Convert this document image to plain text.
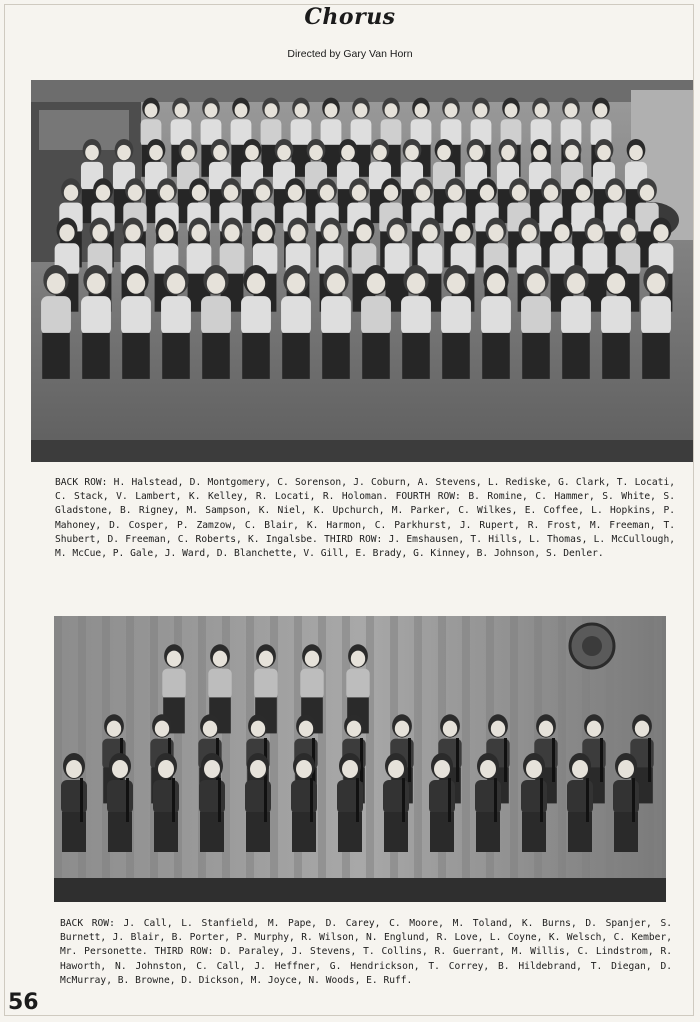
Chorus
Directed by Gary Van Horn
BACK ROW: H. Halstead, D. Montgomery, C. Sorenson, J. Coburn, A. Stevens, L. Rediske, G. Clark, T. Locati, C. Stack, V. Lambert, K. Kelley, R. Locati, R. Holoman. FOURTH ROW: B. Romine, C. Hammer, S. White, S. Gladstone, B. Rigney, M. Sampson, K. Niel, K. Upchurch, M. Parker, C. Wilkes, E. Coffee, L. Hopkins, P. Mahoney, D. Cosper, P. Zamzow, C. Blair, K. Harmon, C. Parkhurst, J. Rupert, R. Frost, M. Freeman, T. Shubert, D. Freeman, C. Roberts, K. Ingalsbe. THIRD ROW: J. Emshausen, T. Hills, L. Thomas, L. McCullough, M. McCue, P. Gale, J. Ward, D. Blanchette, V. Gill, E. Brady, G. Kinney, B. Johnson, S. Denler.
BACK ROW: J. Call, L. Stanfield, M. Pape, D. Carey, C. Moore, M. Toland, K. Burns, D. Spanjer, S. Burnett, J. Blair, B. Porter, P. Murphy, R. Wilson, N. Englund, R. Love, L. Coyne, K. Welsch, C. Kember, Mr. Personette. THIRD ROW: D. Paraley, J. Stevens, T. Collins, R. Guerrant, M. Willis, C. Lindstrom, R. Haworth, N. Johnston, C. Call, J. Heffner, G. Hendrickson, T. Correy, B. Hildebrand, T. Diegan, D. McMurray, B. Browne, D. Dickson, M. Joyce, N. Woods, E. Ruff.
56
